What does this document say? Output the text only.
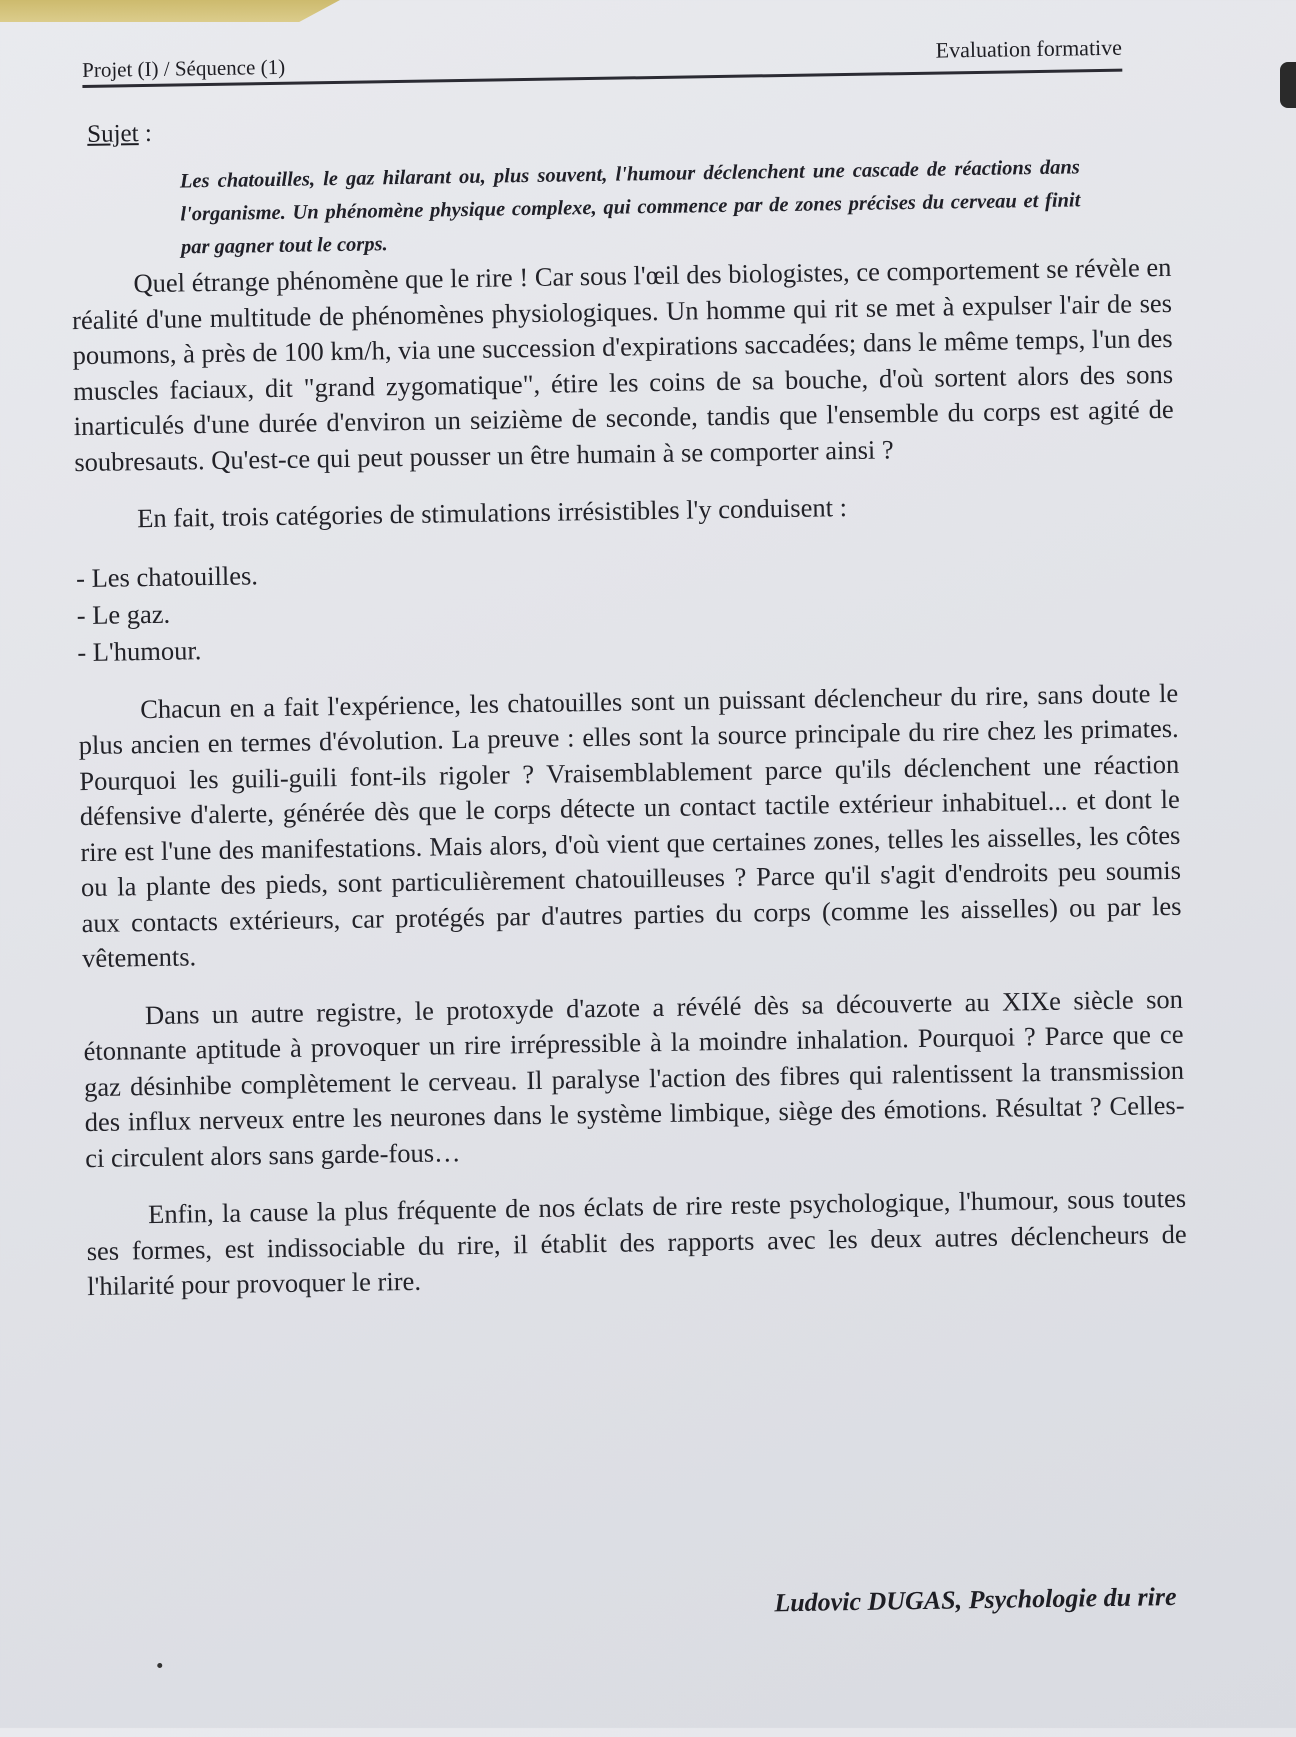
Projet (I) / Séquence (1)
Evaluation formative
Sujet :
Les chatouilles, le gaz hilarant ou, plus souvent, l'humour déclenchent une cascade de réactions dans l'organisme. Un phénomène physique complexe, qui commence par de zones précises du cerveau et finit par gagner tout le corps.

Quel étrange phénomène que le rire ! Car sous l'œil des biologistes, ce comportement se révèle en réalité d'une multitude de phénomènes physiologiques. Un homme qui rit se met à expulser l'air de ses poumons, à près de 100 km/h, via une succession d'expirations saccadées; dans le même temps, l'un des muscles faciaux, dit "grand zygomatique", étire les coins de sa bouche, d'où sortent alors des sons inarticulés d'une durée d'environ un seizième de seconde, tandis que l'ensemble du corps est agité de soubresauts. Qu'est-ce qui peut pousser un être humain à se comporter ainsi ?

En fait, trois catégories de stimulations irrésistibles l'y conduisent :

- Les chatouilles.
- Le gaz.
- L'humour.

Chacun en a fait l'expérience, les chatouilles sont un puissant déclencheur du rire, sans doute le plus ancien en termes d'évolution. La preuve : elles sont la source principale du rire chez les primates. Pourquoi les guili-guili font-ils rigoler ? Vraisemblablement parce qu'ils déclenchent une réaction défensive d'alerte, générée dès que le corps détecte un contact tactile extérieur inhabituel... et dont le rire est l'une des manifestations. Mais alors, d'où vient que certaines zones, telles les aisselles, les côtes ou la plante des pieds, sont particulièrement chatouilleuses ? Parce qu'il s'agit d'endroits peu soumis aux contacts extérieurs, car protégés par d'autres parties du corps (comme les aisselles) ou par les vêtements.

Dans un autre registre, le protoxyde d'azote a révélé dès sa découverte au XIXe siècle son étonnante aptitude à provoquer un rire irrépressible à la moindre inhalation. Pourquoi ? Parce que ce gaz désinhibe complètement le cerveau. Il paralyse l'action des fibres qui ralentissent la transmission des influx nerveux entre les neurones dans le système limbique, siège des émotions. Résultat ? Celles-ci circulent alors sans garde-fous…

Enfin, la cause la plus fréquente de nos éclats de rire reste psychologique, l'humour, sous toutes ses formes, est indissociable du rire, il établit des rapports avec les deux autres déclencheurs de l'hilarité pour provoquer le rire.

Ludovic DUGAS, Psychologie du rire
